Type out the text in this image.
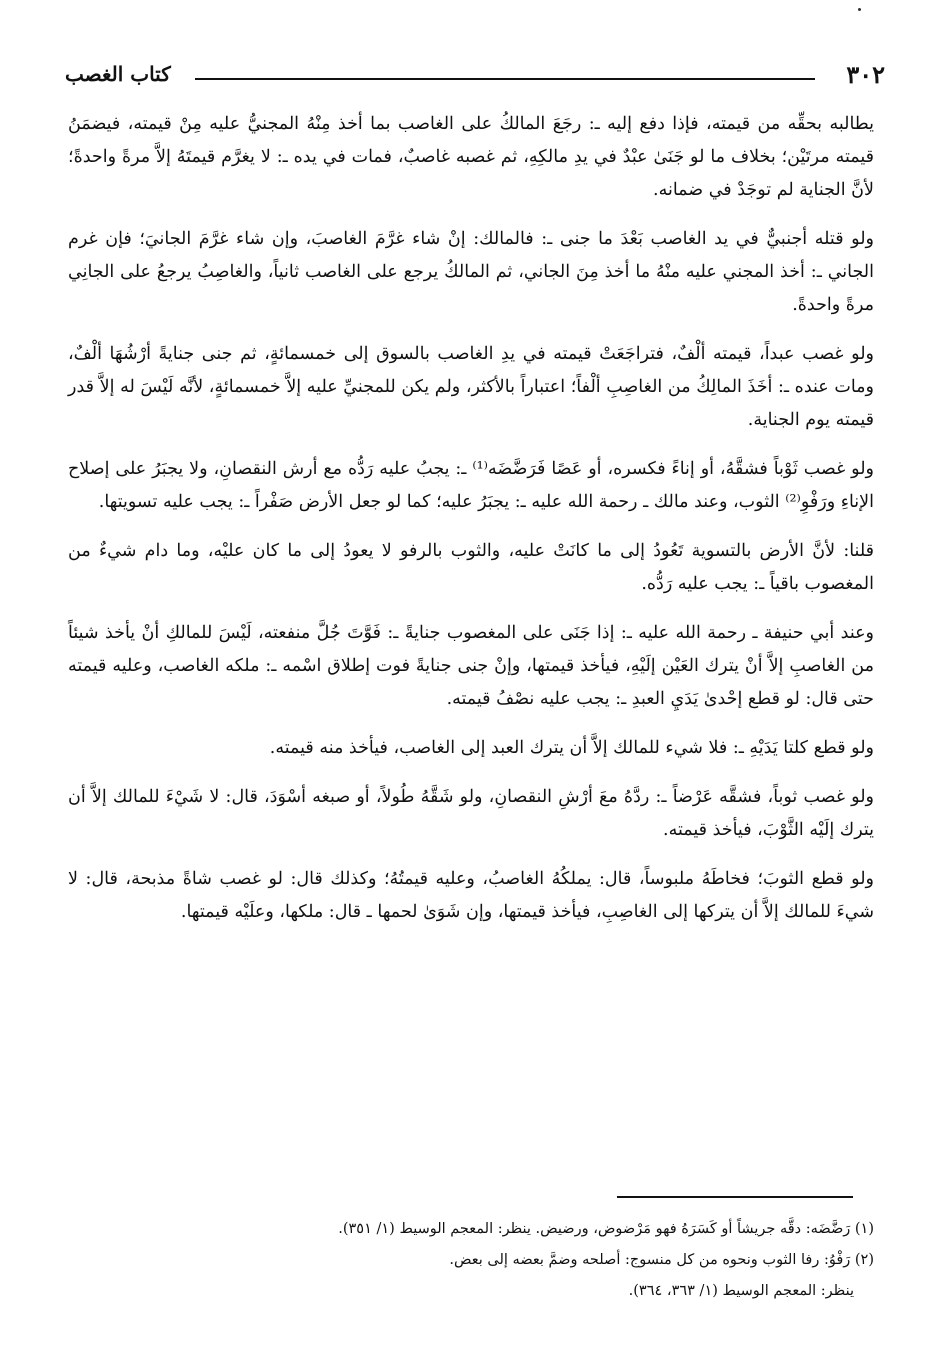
٣٠٢
كتاب الغصب

يطالبه بحقِّه من قيمته، فإذا دفع إليه ـ: رجَعَ المالكُ على الغاصب بما أخذ مِنْهُ المجنيُّ عليه مِنْ قيمته، فيضمَنُ قيمته مرتَيْن؛ بخلاف ما لو جَنَىٰ عبْدٌ في يدِ مالكِهِ، ثم غصبه غاصبٌ، فمات في يده ـ: لا يغرَّم قيمتَهُ إلاَّ مرةً واحدةً؛ لأنَّ الجناية لم توجَدْ في ضمانه.

ولو قتله أجنبيٌّ في يد الغاصب بَعْدَ ما جنى ـ: فالمالك: إنْ شاء غرَّمَ الغاصبَ، وإن شاء غرَّمَ الجانيَ؛ فإن غرم الجاني ـ: أخذ المجني عليه منْهُ ما أخذ مِنَ الجاني، ثم المالكُ يرجع على الغاصب ثانياً، والغاصِبُ يرجعُ على الجانِي مرةً واحدةً.

ولو غصب عبداً، قيمته ألْفٌ، فتراجَعَتْ قيمته في يدِ الغاصب بالسوق إلى خمسمائةٍ، ثم جنى جنايةً أرْشُهَا ألْفٌ، ومات عنده ـ: أخَذَ المالِكُ من الغاصِبِ ألْفاً؛ اعتباراً بالأكثر، ولم يكن للمجنيِّ عليه إلاَّ خمسمائةٍ، لأنَّه لَيْسَ له إلاَّ قدر قيمته يوم الجناية.

ولو غصب ثَوْباً فشقَّهُ، أو إناءً فكسره، أو عَصًا فَرَضَّضَه⁽¹⁾ ـ: يجبُ عليه رَدُّه مع أرش النقصانِ، ولا يجبَرُ على إصلاح الإناءِ ورَفْوِ⁽²⁾ الثوب، وعند مالك ـ رحمة الله عليه ـ: يجبَرُ عليه؛ كما لو جعل الأرض صَفْراً ـ: يجب عليه تسويتها.

قلنا: لأنَّ الأرض بالتسوية تَعُودُ إلى ما كانَتْ عليه، والثوب بالرفو لا يعودُ إلى ما كان عليْه، وما دام شيءٌ من المغصوب باقياً ـ: يجب عليه رَدُّه.

وعند أبي حنيفة ـ رحمة الله عليه ـ: إذا جَنَى على المغصوب جنايةً ـ: فَوَّتَ جُلَّ منفعته، لَيْسَ للمالكِ أنْ يأخذ شيئاً من الغاصبِ إلاَّ أنْ يترك العَيْن إلَيْهِ، فيأخذ قيمتها، وإنْ جنى جنايةً فوت إطلاق اسْمه ـ: ملكه الغاصب، وعليه قيمته حتى قال: لو قطع إحْدىٰ يَدَيِ العبدِ ـ: يجب عليه نصْفُ قيمته.

ولو قطع كلتا يَدَيْهِ ـ: فلا شيء للمالك إلاَّ أن يترك العبد إلى الغاصب، فيأخذ منه قيمته.

ولو غصب ثوباً، فشقَّه عَرْضاً ـ: ردَّهُ معَ أرْشِ النقصانِ، ولو شَقَّهُ طُولاً، أو صبغه أسْوَدَ، قال: لا شَيْءَ للمالك إلاَّ أن يترك إلَيْه الثَّوْبَ، فيأخذ قيمته.

ولو قطع الثوبَ؛ فخاطَهُ ملبوساً، قال: يملكُهُ الغاصبُ، وعليه قيمتُهُ؛ وكذلك قال: لو غصب شاةً مذبحة، قال: لا شيءَ للمالك إلاَّ أن يتركها إلى الغاصِبِ، فيأخذ قيمتها، وإن شَوَىٰ لحمها ـ قال: ملكها، وعلَيْه قيمتها.

(١) رَضَّضَه: دقَّه جريشاً أو كَسَرَهُ فهو مَرْضوض، ورضيض. ينظر: المعجم الوسيط (١/ ٣٥١).

(٢) رَفْوُ: رفا الثوب ونحوه من كل منسوج: أصلحه وضمَّ بعضه إلى بعض.

ينظر: المعجم الوسيط (١/ ٣٦٣، ٣٦٤).
